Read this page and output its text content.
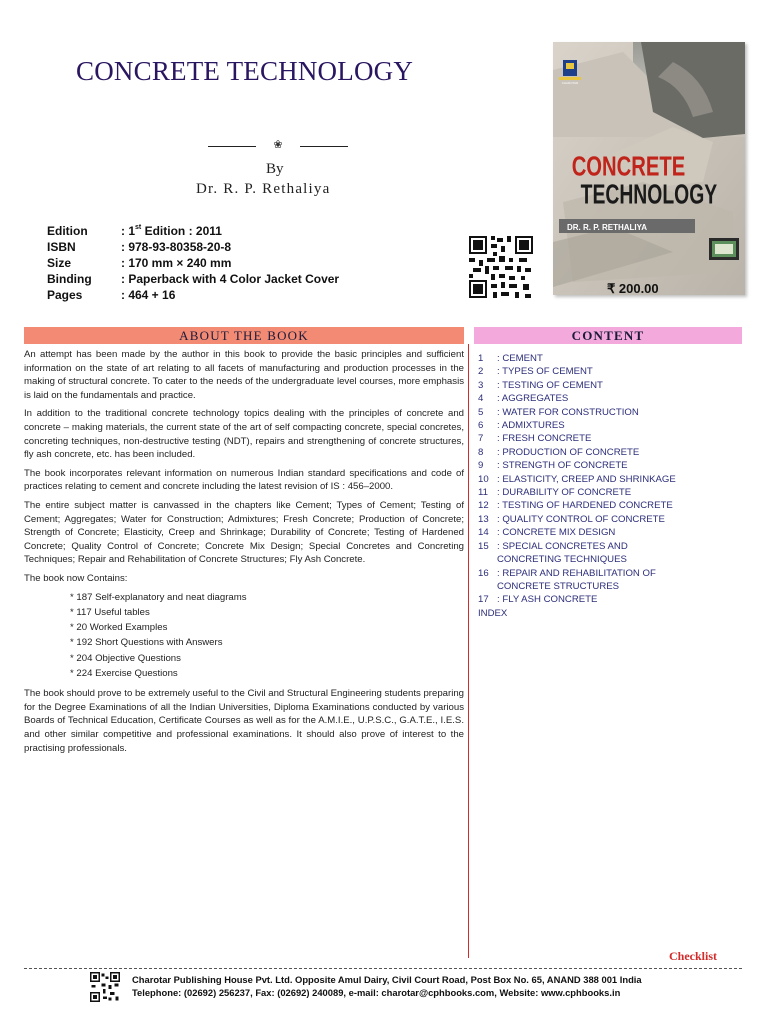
CONCRETE TECHNOLOGY
❀
By
Dr. R. P. Rethaliya
Edition	: 1st Edition : 2011
ISBN	: 978-93-80358-20-8
Size	: 170 mm × 240 mm
Binding	: Paperback with 4 Color Jacket Cover
Pages	: 464 + 16
CHAROTAR
CONCRETE
TECHNOLOGY
DR. R. P. RETHALIYA
₹ 200.00
ABOUT THE BOOK	CONTENT

An attempt has been made by the author in this book to provide the basic principles and sufficient information on the state of art relating to all facets of manufacturing and production processes in the making of structural concrete. To cater to the needs of the undergraduate level courses, more emphasis is laid on the fundamentals and practice.

In addition to the traditional concrete technology topics dealing with the principles of concrete and concrete – making materials, the current state of the art of self compacting concrete, special concretes, concreting techniques, non-destructive testing (NDT), repairs and strengthening of concrete structures, fly ash concrete, etc. has been included.

The book incorporates relevant information on numerous Indian standard specifications and code of practices relating to cement and concrete including the latest revision of IS : 456–2000.

The entire subject matter is canvassed in the chapters like Cement; Types of Cement; Testing of Cement; Aggregates; Water for Construction; Admixtures; Fresh Concrete; Production of Concrete; Strength of Concrete; Elasticity, Creep and Shrinkage; Durability of Concrete; Testing of Hardened Concrete; Quality Control of Concrete; Concrete Mix Design; Special Concretes and Concreting Techniques; Repair and Rehabilitation of Concrete Structures; Fly Ash Concrete.

The book now Contains:

* 187 Self-explanatory and neat diagrams
* 117 Useful tables
* 20 Worked Examples
* 192 Short Questions with Answers
* 204 Objective Questions
* 224 Exercise Questions

The book should prove to be extremely useful to the Civil and Structural Engineering students preparing for the Degree Examinations of all the Indian Universities, Diploma Examinations conducted by various Boards of Technical Education, Certificate Courses as well as for the A.M.I.E., U.P.S.C., G.A.T.E., I.E.S. and other similar competitive and professional examinations. It should also prove of interest to the practising professionals.

1	: CEMENT
2	: TYPES OF CEMENT
3	: TESTING OF CEMENT
4	: AGGREGATES
5	: WATER FOR CONSTRUCTION
6	: ADMIXTURES
7	: FRESH CONCRETE
8	: PRODUCTION OF CONCRETE
9	: STRENGTH OF CONCRETE
10 : ELASTICITY, CREEP AND SHRINKAGE
11 : DURABILITY OF CONCRETE
12 : TESTING OF HARDENED CONCRETE
13 : QUALITY CONTROL OF CONCRETE
14 : CONCRETE MIX DESIGN
15 : SPECIAL CONCRETES AND CONCRETING TECHNIQUES
16 : REPAIR AND REHABILITATION OF CONCRETE STRUCTURES
17 : FLY ASH CONCRETE
INDEX
Checklist
Charotar Publishing House Pvt. Ltd. Opposite Amul Dairy, Civil Court Road, Post Box No. 65, ANAND 388 001 India
Telephone: (02692) 256237, Fax: (02692) 240089, e-mail: charotar@cphbooks.com, Website: www.cphbooks.in
